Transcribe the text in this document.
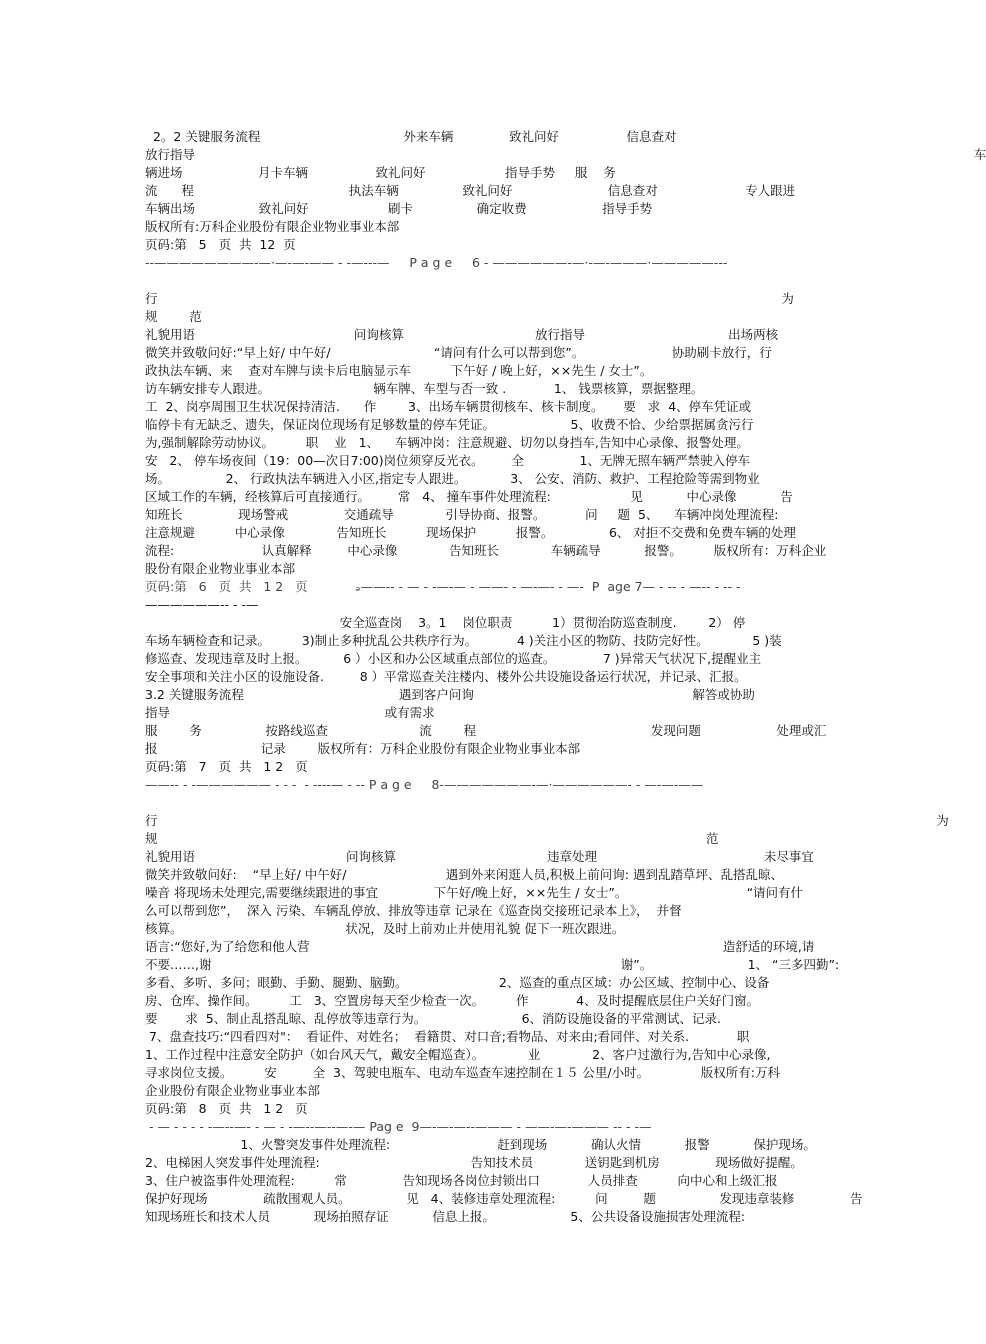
2。2 关键服务流程                                    外来车辆              致礼问好                 信息查对
放行指导                                                                                                                                                                                                    车
辆进场                   月卡车辆                 致礼问好                    指导手势     服    务
流      程                                       执法车辆                致礼问好                        信息查对                      专人跟进
车辆出场                致礼问好                    刷卡                确定收费                   指导手势
版权所有:万科企业股份有限企业物业事业本部
页码:第   5   页  共  12  页
--————————-—·—-—-—— - -—---—     P a g e     6 - ——————-—·-—-———·—————---
行                                                                                                                                                             为
规        范
礼貌用语                                        问询核算                                 放行指导                                    出场两核
微笑并致敬问好:“早上好/ 中午好/                          “请问有什么可以帮到您”。                      协助刷卡放行，行
政执法车辆、来    查对车牌与读卡后电脑显示车          下午好 / 晚上好，××先生 / 女士”。
访车辆安排专人跟进。                          辆车牌、车型与否一致 .            1、 钱票核算，票据整理。
工  2、岗亭周围卫生状况保持清洁.      作        3、出场车辆贯彻核车、核卡制度。     要   求  4、停车凭证或
临停卡有无缺乏、遗失，保证岗位现场有足够数量的停车凭证。                   5、收费不恰、少给票据属贪污行
为,强制解除劳动协议。        职    业   1、    车辆冲岗：注意规避、切勿以身挡车,告知中心录像、报警处理。
安   2、 停车场夜间（19：00—次日7:00)岗位须穿反光衣。       全              1、无牌无照车辆严禁驶入停车
场。              2、 行政执法车辆进入小区,指定专人跟进。           3、 公安、消防、救护、工程抢险等需到物业
区域工作的车辆，经核算后可直接通行。       常   4、 撞车事件处理流程:                    见           中心录像           告
知班长              现场警戒              交通疏导             引导协商、报警。          问     题  5、    车辆冲岗处理流程:
注意规避          中心录像             告知班长          现场保护          报警。              6、 对拒不交费和免费车辆的处理
流程:                      认真解释         中心录像             告知班长             车辆疏导           报警。        版权所有：万科企业
股份有限企业物业事业本部
页码:第   6   页  共   1 2   页            ₔ——-- - — - -—-— - ——- - —-—- - —-  P  age 7— - -- - —-- - -- -
——————-- - -—
安全巡查岗    3。1    岗位职责          1）贯彻治防巡查制度.        2） 停
车场车辆检查和记录。        3)制止多种扰乱公共秩序行为。          4 )关注小区的物防、技防完好性。           5 )装
修巡查、发现违章及时上报。         6 ）小区和办公区域重点部位的巡查。            7 )异常天气状况下,提醒业主
安全事项和关注小区的设施设备.         8 ）平常巡查关注楼内、楼外公共设施设备运行状况，并记录、汇报。
3.2 关键服务流程                                       遇到客户问询                                                       解答或协助
指导                                                      或有需求
服        务                按路线巡查                       流        程                                            发现问题                   处理或汇
报                          记录        版权所有：万科企业股份有限企业物业事业本部
页码:第   7   页  共   1 2   页
——-- - -—————— - - -  - ----— - -- P a g e     8-———————-—·——————- - —-—-——
行                                                                                                                                                                                                    为
规                                                                                                                                          范
礼貌用语                                      问询核算                                      违章处理                                          未尽事宜
微笑并致敬问好:    “早上好/ 中午好/                         遇到外来闲逛人员,积极上前问询: 遇到乱踏草坪、乱搭乱晾、
噪音 将现场未处理完,需要继续跟进的事宜              下午好/晚上好，××先生 / 女士”。                              “请问有什
么可以帮到您”，  深入 污染、车辆乱停放、排放等违章 记录在《巡查岗交接班记录本上》，  并督
核算。                                         状况，及时上前劝止并使用礼貌 促下一班次跟进。
语言:“您好,为了给您和他人营                                                                                                        造舒适的环境,请
不要……,谢                                                                                                       谢”。                        1、 “三多四勤”:
多看、多听、多问；眼勤、手勤、腿勤、脑勤。                       2、巡查的重点区域：办公区域、控制中心、设备
房、仓库、操作间。        工   3、空置房每天至少检查一次。        作            4、及时提醒底层住户关好门窗。
要       求  5、制止乱搭乱晾、乱停放等违章行为。                        6、消防设施设备的平常测试、记录.
7、盘查技巧:“四看四对"：  看证件、对姓名；  看籍贯、对口音;看物品、对来由;看同伴、对关系.            职
1、工作过程中注意安全防护（如台风天气，戴安全帽巡查）。           业             2、客户过激行为,告知中心录像,
寻求岗位支援。        安         全  3、驾驶电瓶车、电动车巡查车速控制在１５ 公里/小时。             版权所有:万科
企业股份有限企业物业事业本部
页码:第   8   页  共   1 2   页
- — - - - - -—--—- - — - -—--—--—-— Pag e  9—-—-—--——— - ——-—-——— -- - -—
1、火警突发事件处理流程:                           赶到现场           确认火情           报警           保护现场。
2、电梯困人突发事件处理流程:                                      告知技术员             送钥匙到机房              现场做好提醒。
3、住户被盗事件处理流程:          常              告知现场各岗位封锁出口            人员排查          向中心和上级汇报
保护好现场              疏散围观人员。              见   4、装修违章处理流程:          问         题                发现违章装修              告
知现场班长和技术人员           现场拍照存证           信息上报。                   5、公共设备设施损害处理流程:
